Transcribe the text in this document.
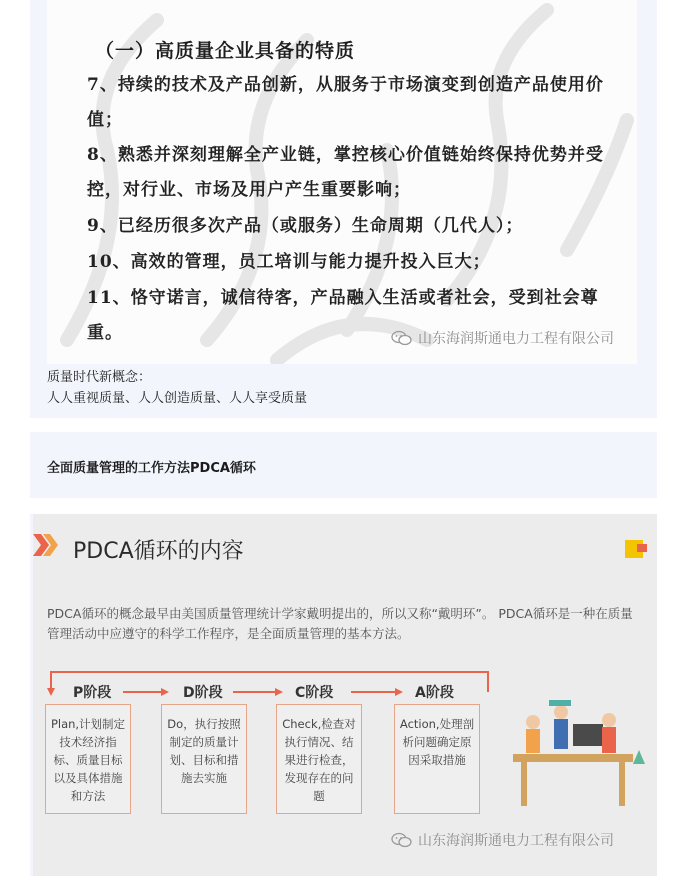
（一）高质量企业具备的特质
7、持续的技术及产品创新，从服务于市场演变到创造产品使用价值；
8、熟悉并深刻理解全产业链，掌控核心价值链始终保持优势并受控，对行业、市场及用户产生重要影响；
9、已经历很多次产品（或服务）生命周期（几代人）；
10、高效的管理，员工培训与能力提升投入巨大；
11、恪守诺言，诚信待客，产品融入生活或者社会，受到社会尊重。	山东海润斯通电力工程有限公司
质量时代新概念：
人人重视质量、人人创造质量、人人享受质量
全面质量管理的工作方法PDCA循环
PDCA循环的内容
PDCA循环的概念最早由美国质量管理统计学家戴明提出的，所以又称“戴明环”。 PDCA循环是一种在质量管理活动中应遵守的科学工作程序，是全面质量管理的基本方法。
P阶段	D阶段	C阶段	A阶段
Plan,计划制定技术经济指标、质量目标以及具体措施和方法
Do，执行按照制定的质量计划、目标和措施去实施
Check,检查对执行情况、结果进行检查，发现存在的问题
Action,处理剖析问题确定原因采取措施
山东海润斯通电力工程有限公司
